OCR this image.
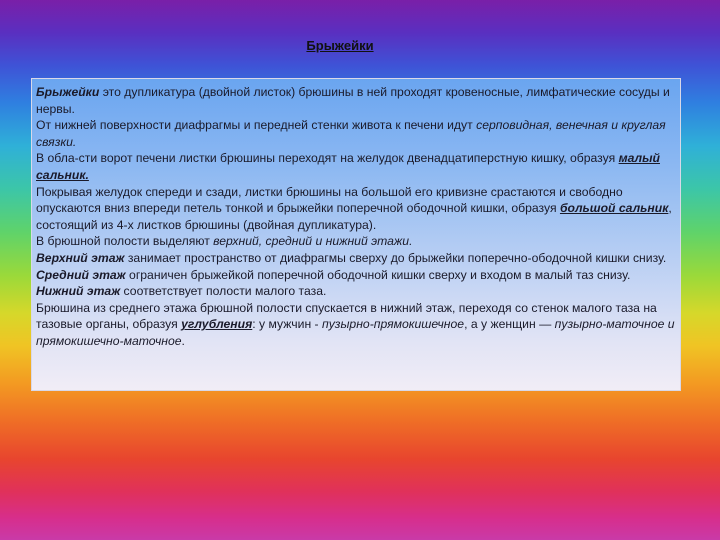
Брыжейки

Брыжейки это дупликатура (двойной листок) брюшины в ней проходят кровеносные, лимфатические сосуды и нервы.

От нижней поверхности диафрагмы и передней стенки живота к печени идут серповидная, венечная и круглая связки.

В обла-сти ворот печени листки брюшины переходят на желудок двенадцатиперстную кишку, образуя малый сальник.

Покрывая желудок спереди и сзади, листки брюшины на большой его кривизне срастаются и свободно опускаются вниз впереди петель тонкой и брыжейки поперечной ободочной кишки, образуя большой сальник, состоящий из 4-х листков брюшины (двойная дупликатура).

В брюшной полости выделяют верхний, средний и нижний этажи.

Верхний этаж занимает пространство от диафрагмы сверху до брыжейки поперечно-ободочной кишки снизу.

Средний этаж ограничен брыжейкой поперечной ободочной кишки сверху и входом в малый таз снизу.

Нижний этаж соответствует полости малого таза.

Брюшина из среднего этажа брюшной полости спускается в нижний этаж, переходя со стенок малого таза на тазовые органы, образуя углубления: у мужчин - пузырно-прямокишечное, а у женщин — пузырно-маточное и прямокишечно-маточное.
